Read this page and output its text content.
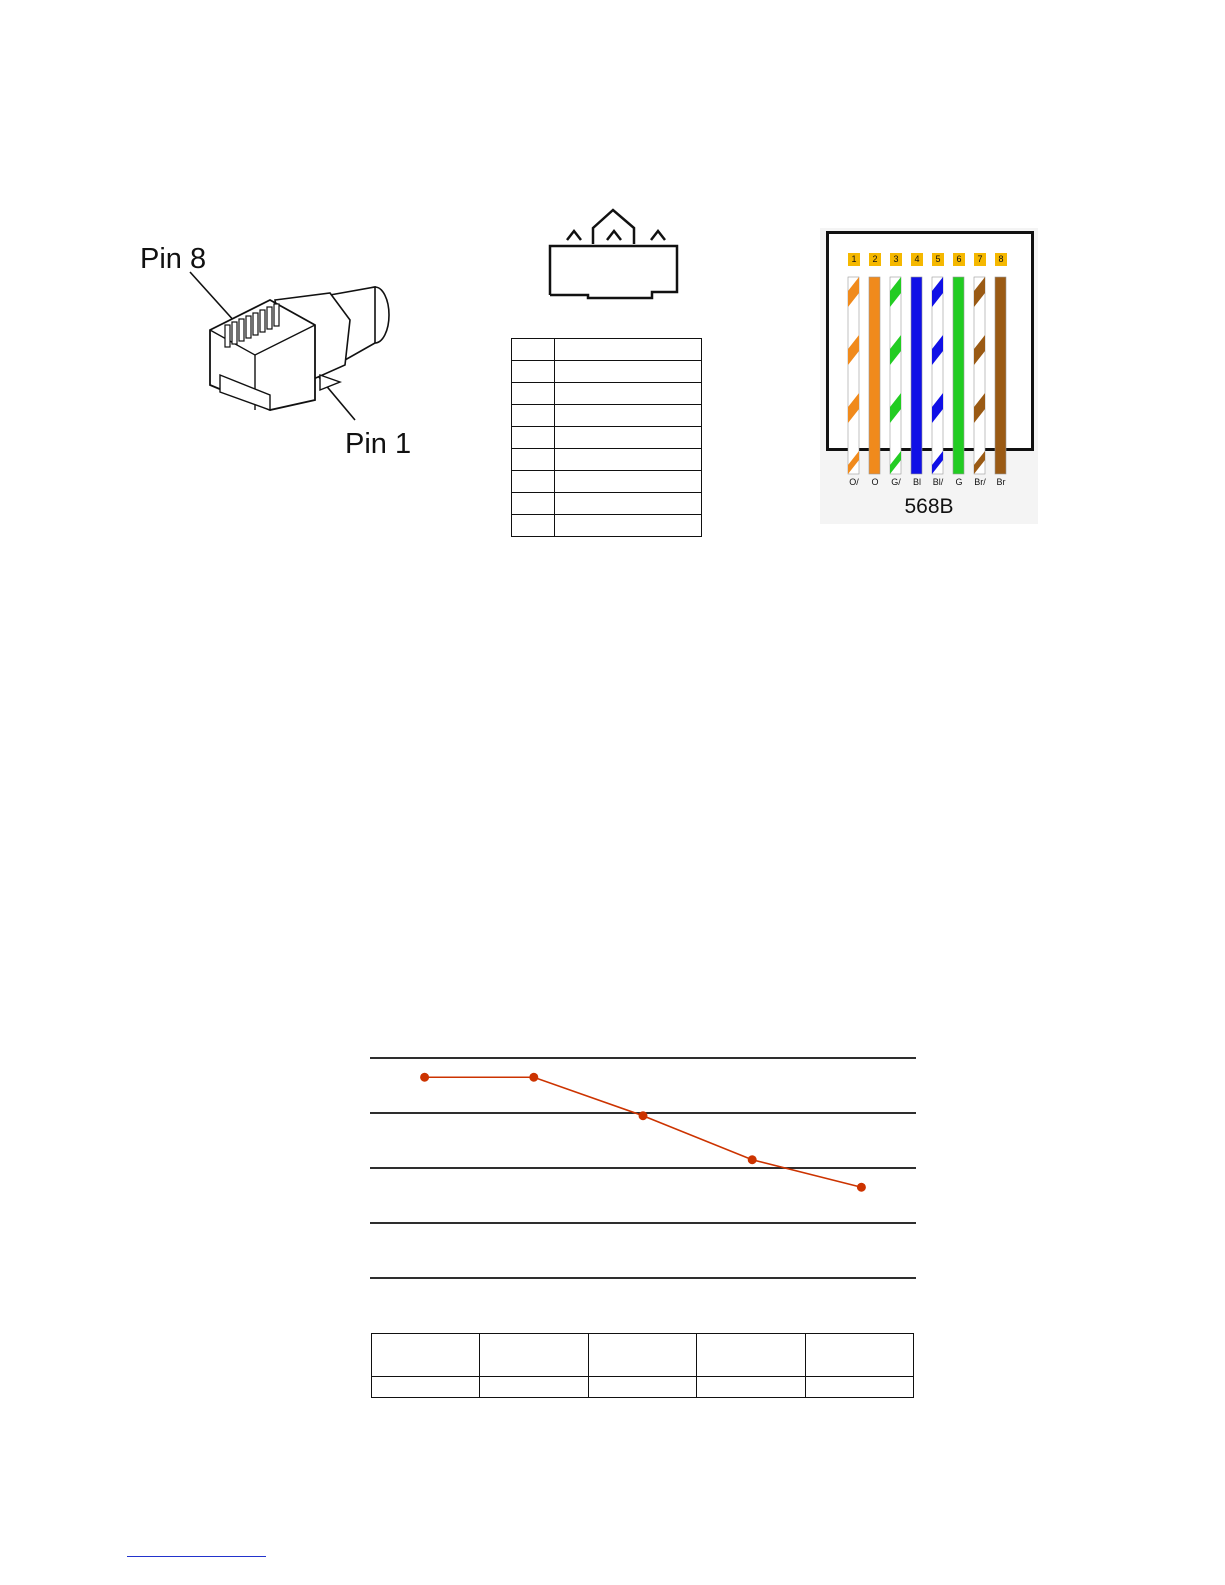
Pin 8
Pin 1

1	2	3	4	5	6	7	8
O/	O	G/	Bl	Bl/	G	Br/	Br
568B
